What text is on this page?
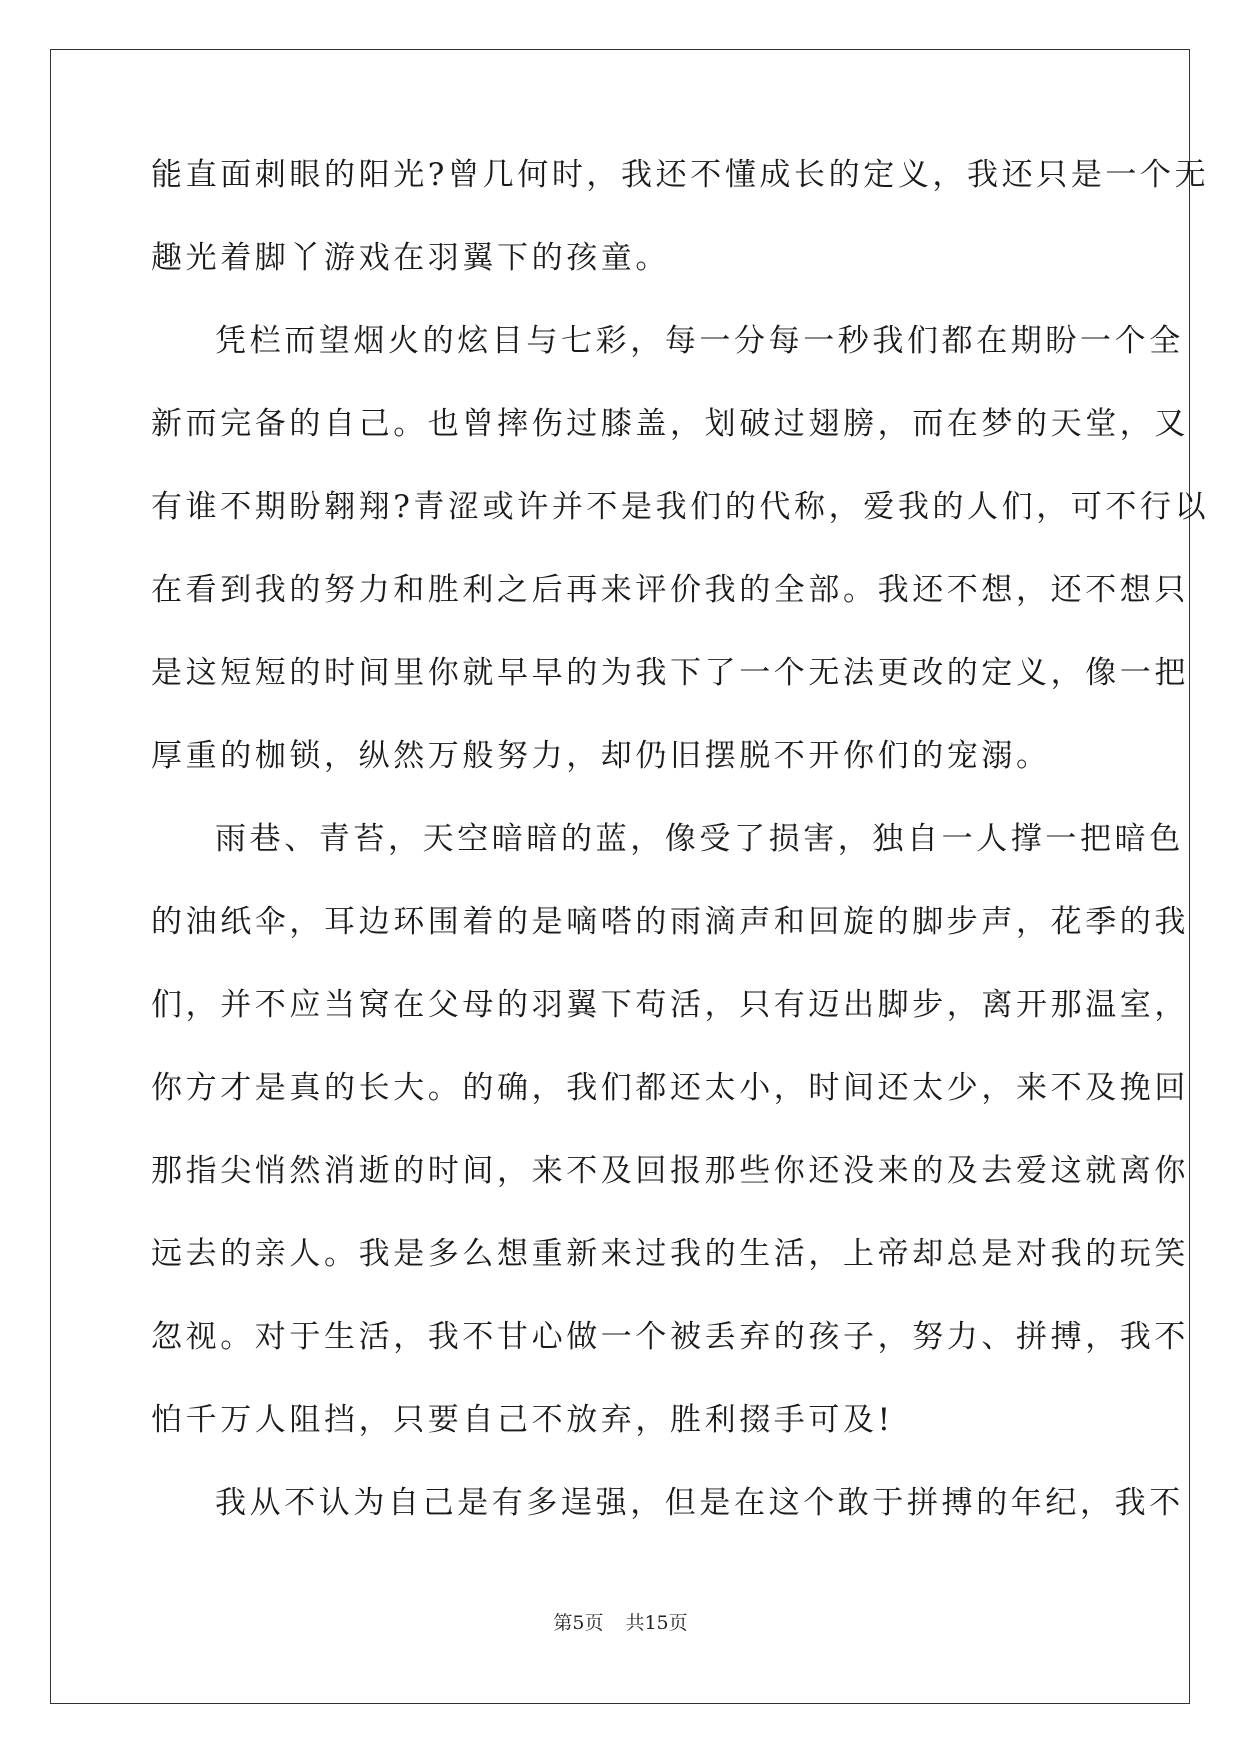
能直面刺眼的阳光?曾几何时，我还不懂成长的定义，我还只是一个无
趣光着脚丫游戏在羽翼下的孩童。
凭栏而望烟火的炫目与七彩，每一分每一秒我们都在期盼一个全
新而完备的自己。也曾摔伤过膝盖，划破过翅膀，而在梦的天堂，又
有谁不期盼翱翔?青涩或许并不是我们的代称，爱我的人们，可不行以
在看到我的努力和胜利之后再来评价我的全部。我还不想，还不想只
是这短短的时间里你就早早的为我下了一个无法更改的定义，像一把
厚重的枷锁，纵然万般努力，却仍旧摆脱不开你们的宠溺。
雨巷、青苔，天空暗暗的蓝，像受了损害，独自一人撑一把暗色
的油纸伞，耳边环围着的是嘀嗒的雨滴声和回旋的脚步声，花季的我
们，并不应当窝在父母的羽翼下苟活，只有迈出脚步，离开那温室，
你方才是真的长大。的确，我们都还太小，时间还太少，来不及挽回
那指尖悄然消逝的时间，来不及回报那些你还没来的及去爱这就离你
远去的亲人。我是多么想重新来过我的生活，上帝却总是对我的玩笑
忽视。对于生活，我不甘心做一个被丢弃的孩子，努力、拼搏，我不
怕千万人阻挡，只要自己不放弃，胜利掇手可及!
我从不认为自己是有多逞强，但是在这个敢于拼搏的年纪，我不
第5页 共15页
